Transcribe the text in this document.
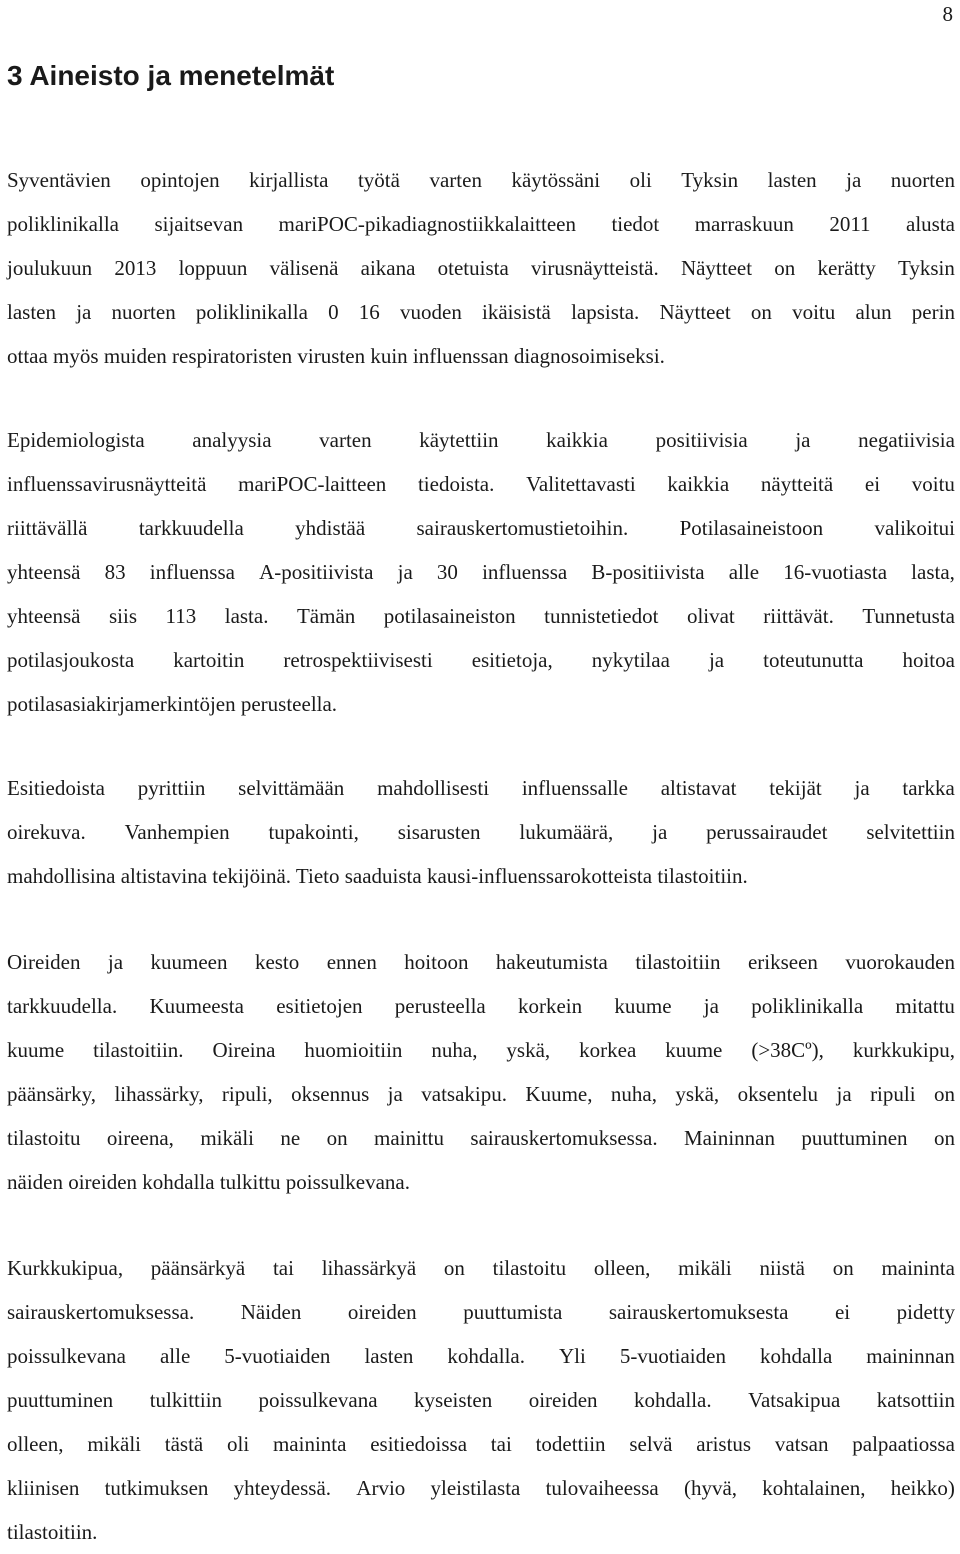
8
3 Aineisto ja menetelmät
Syventävien opintojen kirjallista työtä varten käytössäni oli Tyksin lasten ja nuorten
poliklinikalla sijaitsevan mariPOC-pikadiagnostiikkalaitteen tiedot marraskuun 2011 alusta
joulukuun 2013 loppuun välisenä aikana otetuista virusnäytteistä. Näytteet on kerätty Tyksin
lasten ja nuorten poliklinikalla 0 16 vuoden ikäisistä lapsista. Näytteet on voitu alun perin
ottaa myös muiden respiratoristen virusten kuin influenssan diagnosoimiseksi.
Epidemiologista analyysia varten käytettiin kaikkia positiivisia ja negatiivisia
influenssavirusnäytteitä mariPOC-laitteen tiedoista. Valitettavasti kaikkia näytteitä ei voitu
riittävällä tarkkuudella yhdistää sairauskertomustietoihin. Potilasaineistoon valikoitui
yhteensä 83 influenssa A-positiivista ja 30 influenssa B-positiivista alle 16-vuotiasta lasta,
yhteensä siis 113 lasta. Tämän potilasaineiston tunnistetiedot olivat riittävät. Tunnetusta
potilasjoukosta kartoitin retrospektiivisesti esitietoja, nykytilaa ja toteutunutta hoitoa
potilasasiakirjamerkintöjen perusteella.
Esitiedoista pyrittiin selvittämään mahdollisesti influenssalle altistavat tekijät ja tarkka
oirekuva. Vanhempien tupakointi, sisarusten lukumäärä, ja perussairaudet selvitettiin
mahdollisina altistavina tekijöinä. Tieto saaduista kausi-influenssarokotteista tilastoitiin.
Oireiden ja kuumeen kesto ennen hoitoon hakeutumista tilastoitiin erikseen vuorokauden
tarkkuudella. Kuumeesta esitietojen perusteella korkein kuume ja poliklinikalla mitattu
kuume tilastoitiin. Oireina huomioitiin nuha, yskä, korkea kuume (>38Cº), kurkkukipu,
päänsärky, lihassärky, ripuli, oksennus ja vatsakipu. Kuume, nuha, yskä, oksentelu ja ripuli on
tilastoitu oireena, mikäli ne on mainittu sairauskertomuksessa. Maininnan puuttuminen on
näiden oireiden kohdalla tulkittu poissulkevana.
Kurkkukipua, päänsärkyä tai lihassärkyä on tilastoitu olleen, mikäli niistä on maininta
sairauskertomuksessa. Näiden oireiden puuttumista sairauskertomuksesta ei pidetty
poissulkevana alle 5-vuotiaiden lasten kohdalla. Yli 5-vuotiaiden kohdalla maininnan
puuttuminen tulkittiin poissulkevana kyseisten oireiden kohdalla. Vatsakipua katsottiin
olleen, mikäli tästä oli maininta esitiedoissa tai todettiin selvä aristus vatsan palpaatiossa
kliinisen tutkimuksen yhteydessä. Arvio yleistilasta tulovaiheessa (hyvä, kohtalainen, heikko)
tilastoitiin.
